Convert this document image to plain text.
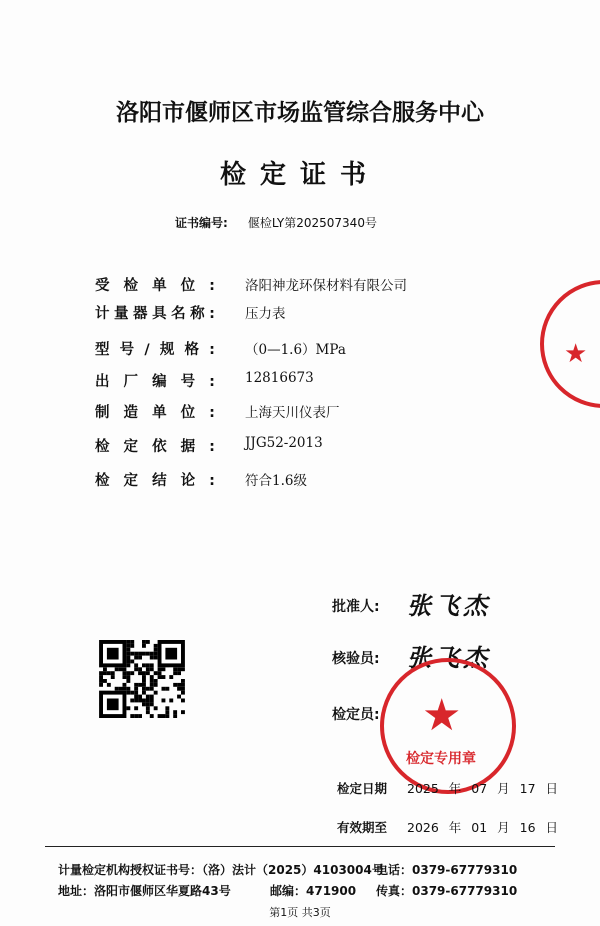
洛阳市偃师区市场监管综合服务中心
检定证书
证书编号: 偃检LY第202507340号
受检单位: 洛阳神龙环保材料有限公司
计量器具名称: 压力表
型号/规格: （0—1.6）MPa
出厂编号: 12816673
制造单位: 上海天川仪表厂
检定依据: JJG52-2013
检定结论: 符合1.6级
★
批准人: 张飞杰
核验员: 张飞杰
检定员: ★
检定专用章
检定日期 2025 年 07 月 17 日
有效期至 2026 年 01 月 16 日
计量检定机构授权证书号：（洛）法计（2025）4103004号
电话：0379-67779310
地址：洛阳市偃师区华夏路43号	邮编：471900 传真：0379-67779310
第1页 共3页
